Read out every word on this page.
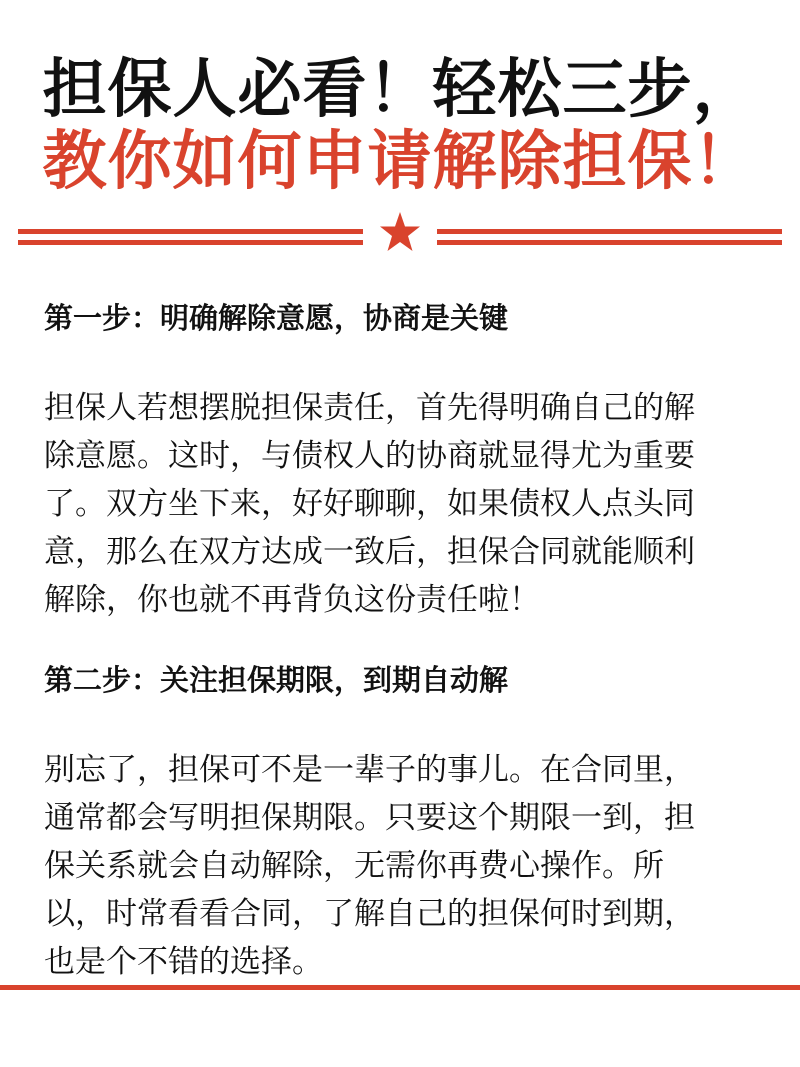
担保人必看！轻松三步，
教你如何申请解除担保！
第一步：明确解除意愿，协商是关键
担保人若想摆脱担保责任，首先得明确自己的解
除意愿。这时，与债权人的协商就显得尤为重要
了。双方坐下来，好好聊聊，如果债权人点头同
意，那么在双方达成一致后，担保合同就能顺利
解除，你也就不再背负这份责任啦！
第二步：关注担保期限，到期自动解
别忘了，担保可不是一辈子的事儿。在合同里，
通常都会写明担保期限。只要这个期限一到，担
保关系就会自动解除，无需你再费心操作。所
以，时常看看合同，了解自己的担保何时到期，
也是个不错的选择。
